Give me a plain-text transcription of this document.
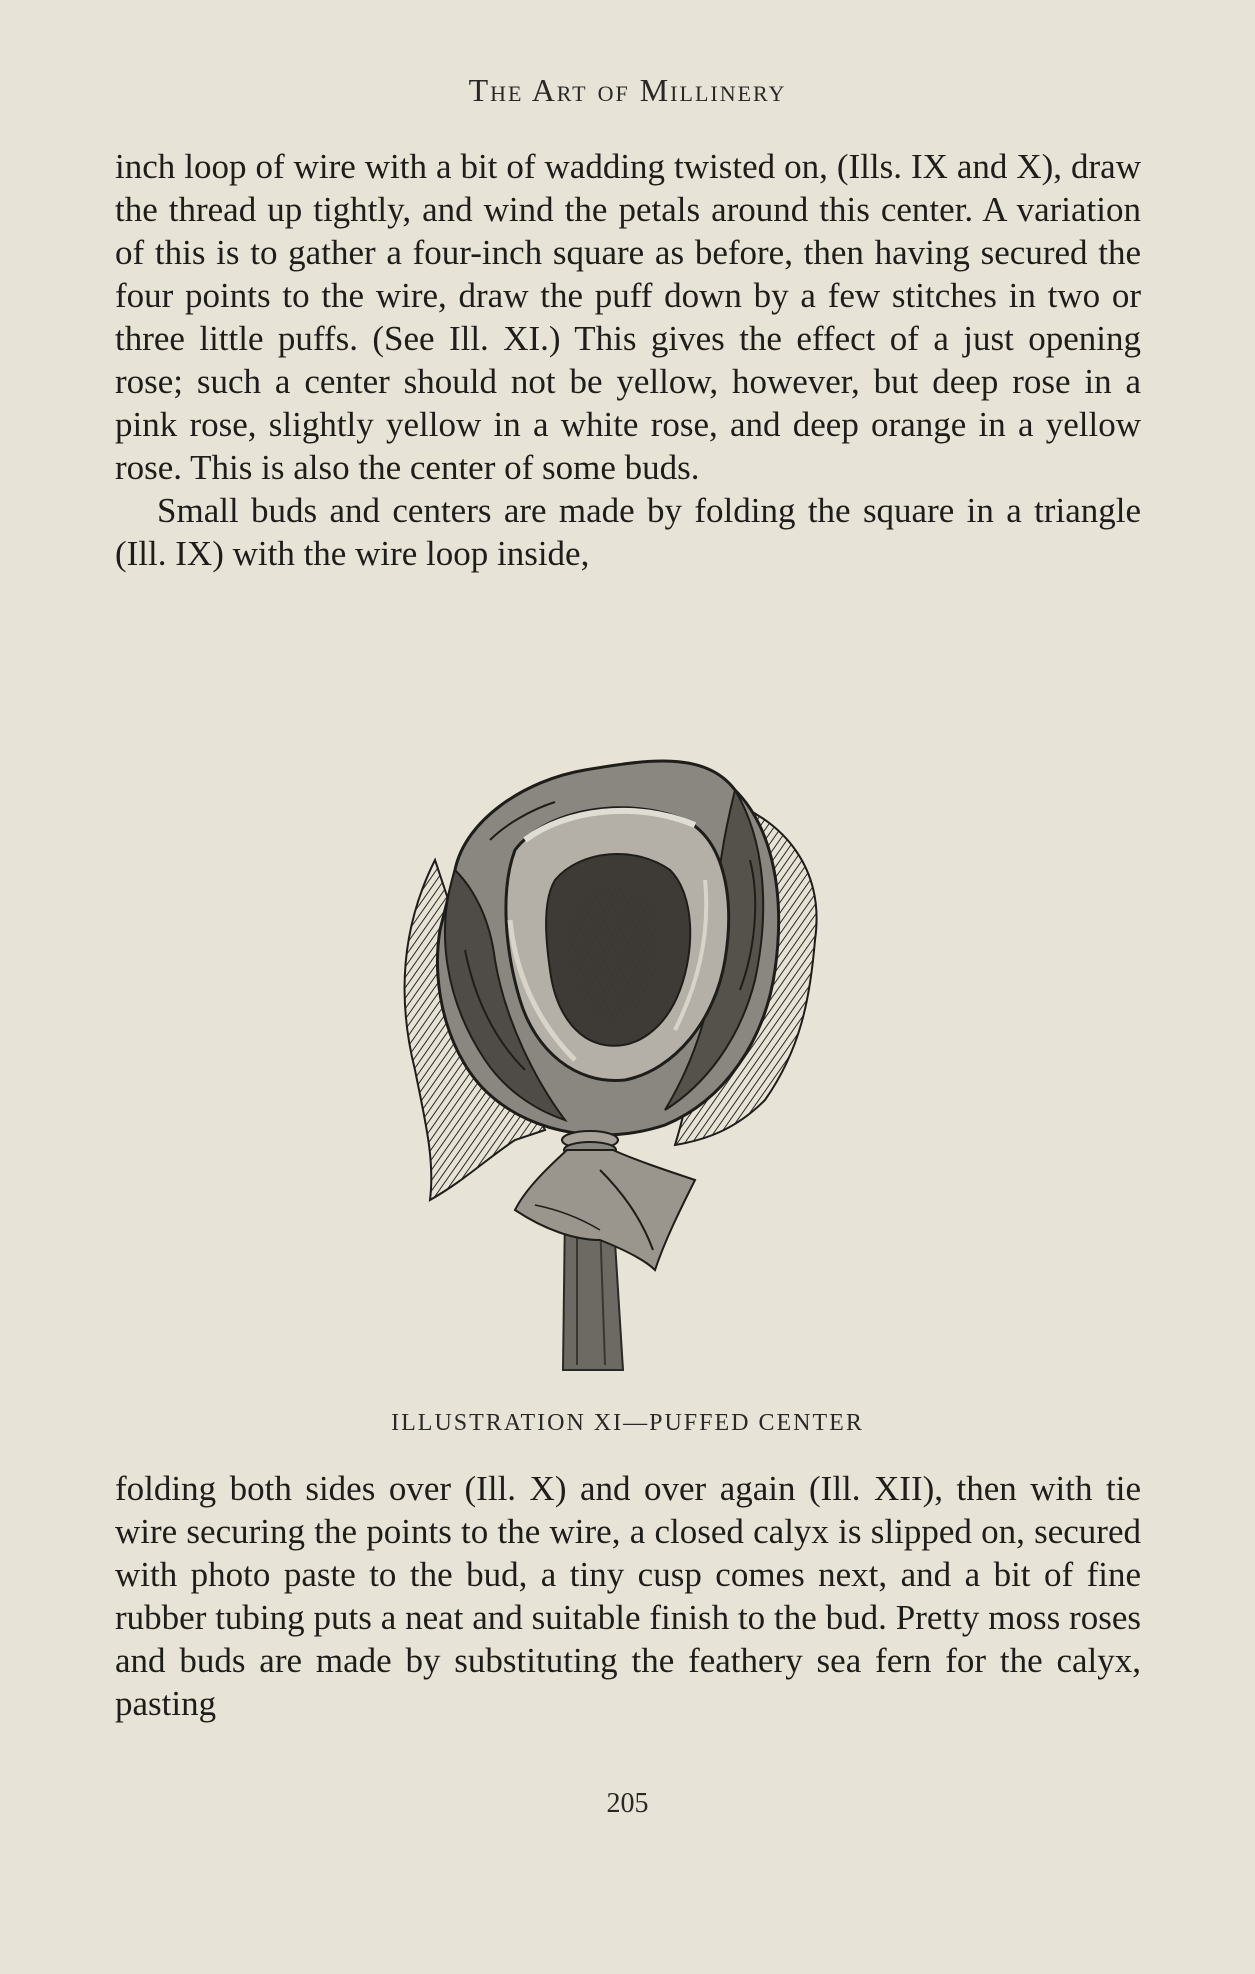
The Art of Millinery

inch loop of wire with a bit of wadding twisted on, (Ills. IX and X), draw the thread up tightly, and wind the petals around this center. A variation of this is to gather a four-inch square as before, then having secured the four points to the wire, draw the puff down by a few stitches in two or three little puffs. (See Ill. XI.) This gives the effect of a just opening rose; such a center should not be yellow, however, but deep rose in a pink rose, slightly yellow in a white rose, and deep orange in a yellow rose. This is also the center of some buds.

Small buds and centers are made by folding the square in a triangle (Ill. IX) with the wire loop inside,

ILLUSTRATION XI—PUFFED CENTER

folding both sides over (Ill. X) and over again (Ill. XII), then with tie wire securing the points to the wire, a closed calyx is slipped on, secured with photo paste to the bud, a tiny cusp comes next, and a bit of fine rubber tubing puts a neat and suitable finish to the bud. Pretty moss roses and buds are made by substituting the feathery sea fern for the calyx, pasting

205
